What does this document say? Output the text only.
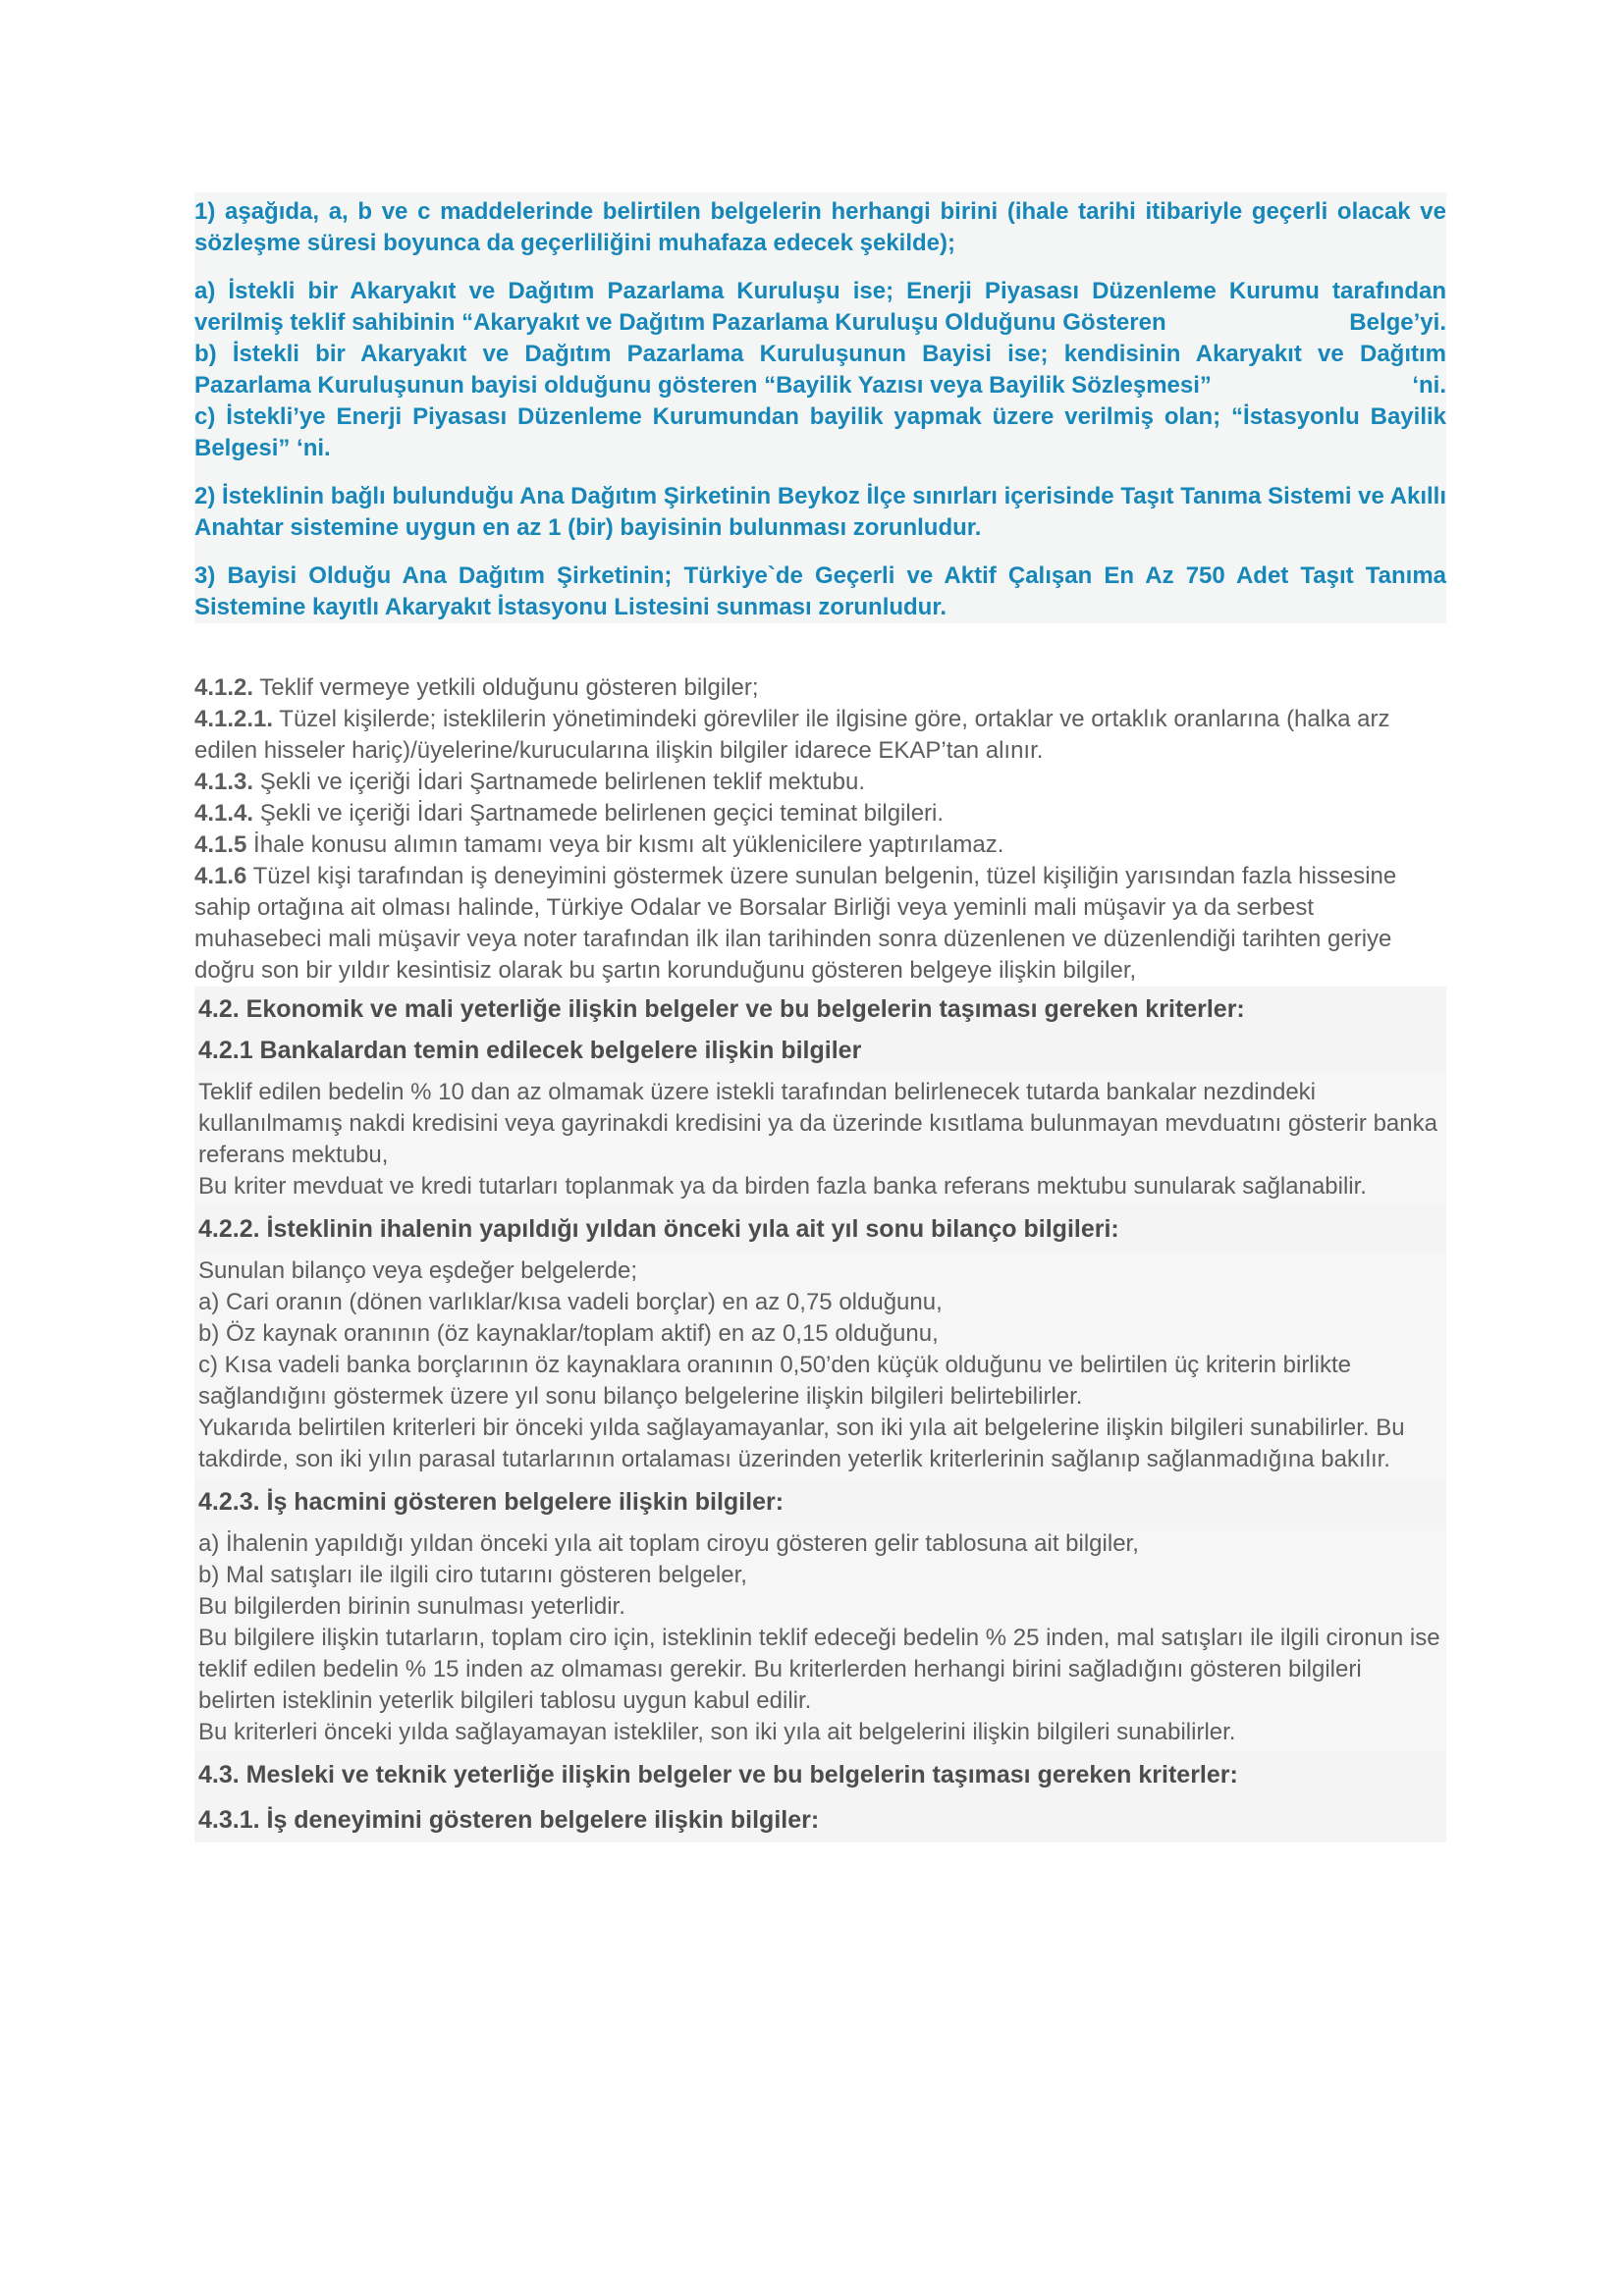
1) aşağıda, a, b ve c maddelerinde belirtilen belgelerin herhangi birini (ihale tarihi itibariyle geçerli olacak ve sözleşme süresi boyunca da geçerliliğini muhafaza edecek şekilde);

a) İstekli bir Akaryakıt ve Dağıtım Pazarlama Kuruluşu ise; Enerji Piyasası Düzenleme Kurumu tarafından verilmiş teklif sahibinin “Akaryakıt ve Dağıtım Pazarlama Kuruluşu Olduğunu Gösteren	Belge’yi.

b) İstekli bir Akaryakıt ve Dağıtım Pazarlama Kuruluşunun Bayisi ise; kendisinin Akaryakıt ve Dağıtım Pazarlama Kuruluşunun bayisi olduğunu gösteren “Bayilik Yazısı veya Bayilik Sözleşmesi”	‘ni.

c) İstekli’ye Enerji Piyasası Düzenleme Kurumundan bayilik yapmak üzere verilmiş olan; “İstasyonlu Bayilik Belgesi” ‘ni.

2) İsteklinin bağlı bulunduğu Ana Dağıtım Şirketinin Beykoz İlçe sınırları içerisinde Taşıt Tanıma Sistemi ve Akıllı Anahtar sistemine uygun en az 1 (bir) bayisinin bulunması zorunludur.

3) Bayisi Olduğu Ana Dağıtım Şirketinin; Türkiye`de Geçerli ve Aktif Çalışan En Az 750 Adet Taşıt Tanıma Sistemine kayıtlı Akaryakıt İstasyonu Listesini sunması zorunludur.

4.1.2. Teklif vermeye yetkili olduğunu gösteren bilgiler;

4.1.2.1. Tüzel kişilerde; isteklilerin yönetimindeki görevliler ile ilgisine göre, ortaklar ve ortaklık oranlarına (halka arz edilen hisseler hariç)/üyelerine/kurucularına ilişkin bilgiler idarece EKAP’tan alınır.

4.1.3. Şekli ve içeriği İdari Şartnamede belirlenen teklif mektubu.

4.1.4. Şekli ve içeriği İdari Şartnamede belirlenen geçici teminat bilgileri.

4.1.5 İhale konusu alımın tamamı veya bir kısmı alt yüklenicilere yaptırılamaz.

4.1.6 Tüzel kişi tarafından iş deneyimini göstermek üzere sunulan belgenin, tüzel kişiliğin yarısından fazla hissesine sahip ortağına ait olması halinde, Türkiye Odalar ve Borsalar Birliği veya yeminli mali müşavir ya da serbest muhasebeci mali müşavir veya noter tarafından ilk ilan tarihinden sonra düzenlenen ve düzenlendiği tarihten geriye doğru son bir yıldır kesintisiz olarak bu şartın korunduğunu gösteren belgeye ilişkin bilgiler,

4.2. Ekonomik ve mali yeterliğe ilişkin belgeler ve bu belgelerin taşıması gereken kriterler:
4.2.1 Bankalardan temin edilecek belgelere ilişkin bilgiler

Teklif edilen bedelin % 10 dan az olmamak üzere istekli tarafından belirlenecek tutarda bankalar nezdindeki kullanılmamış nakdi kredisini veya gayrinakdi kredisini ya da üzerinde kısıtlama bulunmayan mevduatını gösterir banka referans mektubu,

Bu kriter mevduat ve kredi tutarları toplanmak ya da birden fazla banka referans mektubu sunularak sağlanabilir.

4.2.2. İsteklinin ihalenin yapıldığı yıldan önceki yıla ait yıl sonu bilanço bilgileri:

Sunulan bilanço veya eşdeğer belgelerde;

a) Cari oranın (dönen varlıklar/kısa vadeli borçlar) en az 0,75 olduğunu,

b) Öz kaynak oranının (öz kaynaklar/toplam aktif) en az 0,15 olduğunu,

c) Kısa vadeli banka borçlarının öz kaynaklara oranının 0,50’den küçük olduğunu ve belirtilen üç kriterin birlikte sağlandığını göstermek üzere yıl sonu bilanço belgelerine ilişkin bilgileri belirtebilirler.

Yukarıda belirtilen kriterleri bir önceki yılda sağlayamayanlar, son iki yıla ait belgelerine ilişkin bilgileri sunabilirler. Bu takdirde, son iki yılın parasal tutarlarının ortalaması üzerinden yeterlik kriterlerinin sağlanıp sağlanmadığına bakılır.

4.2.3. İş hacmini gösteren belgelere ilişkin bilgiler:

a) İhalenin yapıldığı yıldan önceki yıla ait toplam ciroyu gösteren gelir tablosuna ait bilgiler,

b) Mal satışları ile ilgili ciro tutarını gösteren belgeler,

Bu bilgilerden birinin sunulması yeterlidir.

Bu bilgilere ilişkin tutarların, toplam ciro için, isteklinin teklif edeceği bedelin % 25 inden, mal satışları ile ilgili cironun ise teklif edilen bedelin % 15 inden az olmaması gerekir. Bu kriterlerden herhangi birini sağladığını gösteren bilgileri belirten isteklinin yeterlik bilgileri tablosu uygun kabul edilir.

Bu kriterleri önceki yılda sağlayamayan istekliler, son iki yıla ait belgelerini ilişkin bilgileri sunabilirler.

4.3. Mesleki ve teknik yeterliğe ilişkin belgeler ve bu belgelerin taşıması gereken kriterler:
4.3.1. İş deneyimini gösteren belgelere ilişkin bilgiler:
